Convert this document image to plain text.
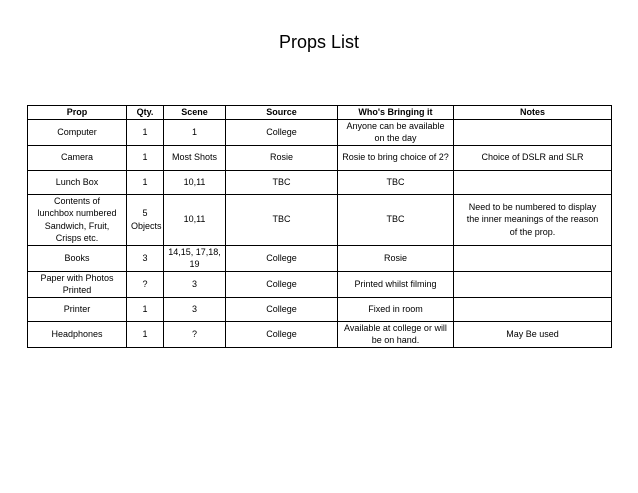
Props List
Prop	Qty.	Scene	Source	Who's Bringing it	Notes
Computer	1	1	College	Anyone can be available on the day	
Camera	1	Most Shots	Rosie	Rosie to bring choice of 2?	Choice of DSLR and SLR
Lunch Box	1	10,11	TBC	TBC	
Contents of lunchbox numbered Sandwich, Fruit, Crisps etc.	5 Objects	10,11	TBC	TBC	Need to be numbered to display the inner meanings of the reason of the prop.
Books	3	14,15, 17,18, 19	College	Rosie	
Paper with Photos Printed	?	3	College	Printed whilst filming	
Printer	1	3	College	Fixed in room	
Headphones	1	?	College	Available at college or will be on hand.	May Be used
